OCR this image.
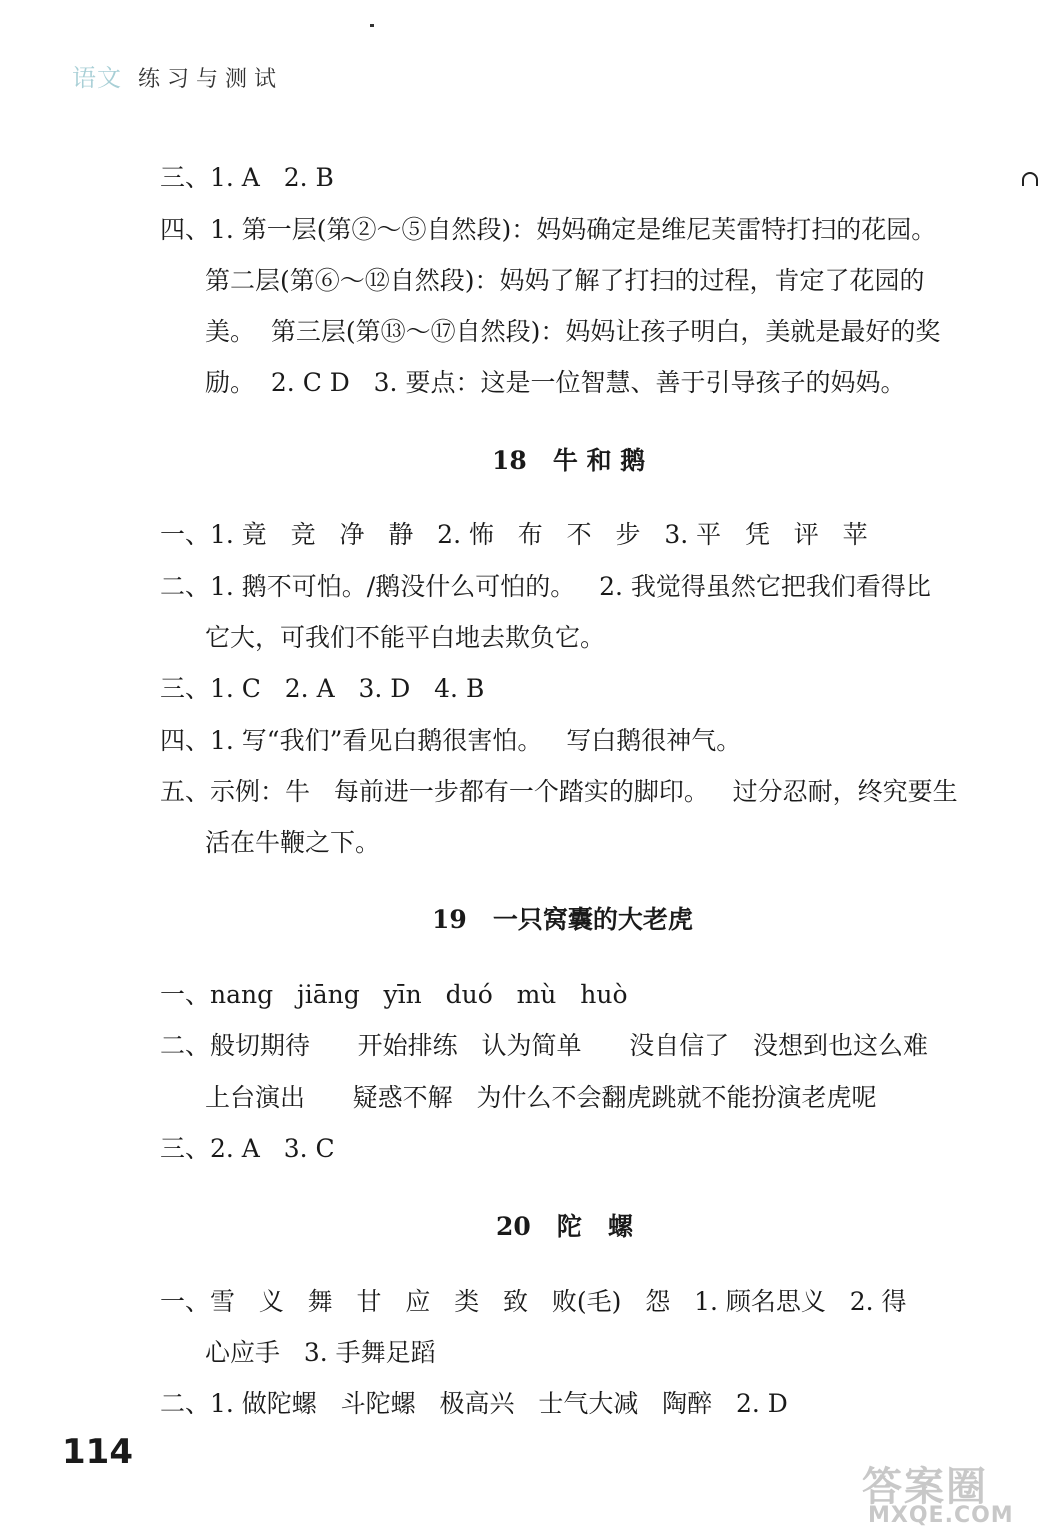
语文 练习与测试
三、1. A   2. B
四、1. 第一层(第②～⑤自然段)：妈妈确定是维尼芙雷特打扫的花园。
第二层(第⑥～⑫自然段)：妈妈了解了打扫的过程，肯定了花园的
美。  第三层(第⑬～⑰自然段)：妈妈让孩子明白，美就是最好的奖
励。  2. C D   3. 要点：这是一位智慧、善于引导孩子的妈妈。
18   牛 和 鹅
一、1. 竟   竞   净   静   2. 怖   布   不   步   3. 平   凭   评   苹
二、1. 鹅不可怕。/鹅没什么可怕的。   2. 我觉得虽然它把我们看得比
它大，可我们不能平白地去欺负它。
三、1. C   2. A   3. D   4. B
四、1. 写“我们”看见白鹅很害怕。   写白鹅很神气。
五、示例：牛   每前进一步都有一个踏实的脚印。   过分忍耐，终究要生
活在牛鞭之下。
19   一只窝囊的大老虎
一、nang   jiāng   yīn   duó   mù   huò
二、般切期待      开始排练   认为简单      没自信了   没想到也这么难
上台演出      疑惑不解   为什么不会翻虎跳就不能扮演老虎呢
三、2. A   3. C
20   陀   螺
一、雪   义   舞   甘   应   类   致   败(毛)   怨   1. 顾名思义   2. 得
心应手   3. 手舞足蹈
二、1. 做陀螺   斗陀螺   极高兴   士气大减   陶醉   2. D
114
答案圈
MXQE.COM
